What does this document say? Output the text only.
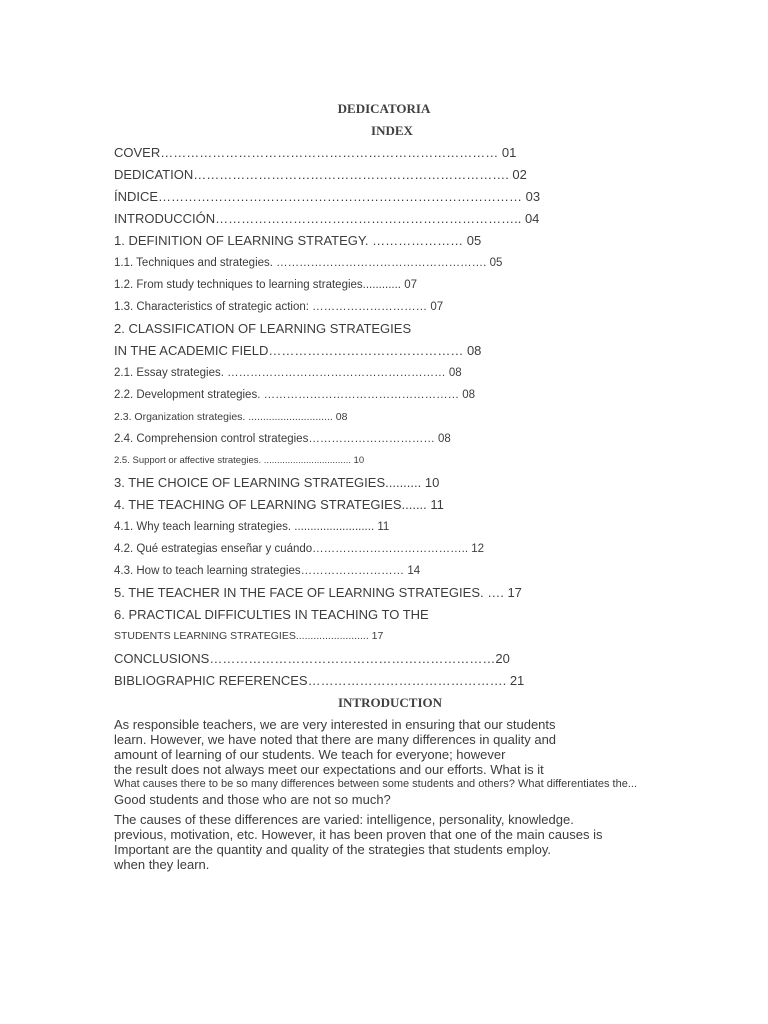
DEDICATORIA
INDEX
COVER…………………………………………………………………… 01
DEDICATION………………………………………………………………. 02
ÍNDICE………………………………………………………………………… 03
INTRODUCCIÓN…………………………………………………………….. 04
1. DEFINITION OF LEARNING STRATEGY. ………………… 05
1.1. Techniques and strategies. ………………………………………………. 05
1.2. From study techniques to learning strategies............ 07
1.3. Characteristics of strategic action: ………………………… 07
2. CLASSIFICATION OF LEARNING STRATEGIES
IN THE ACADEMIC FIELD……………………………………… 08
2.1. Essay strategies. ………………………………………………… 08
2.2. Development strategies. …………………………………………… 08
2.3. Organization strategies. ............................. 08
2.4. Comprehension control strategies…………………………… 08
2.5. Support or affective strategies. ................................. 10
3. THE CHOICE OF LEARNING STRATEGIES.......... 10
4. THE TEACHING OF LEARNING STRATEGIES....... 11
4.1. Why teach learning strategies. ......................... 11
4.2. Qué estrategias enseñar y cuándo………………………………….. 12
4.3. How to teach learning strategies……………………… 14
5. THE TEACHER IN THE FACE OF LEARNING STRATEGIES. …. 17
6. PRACTICAL DIFFICULTIES IN TEACHING TO THE
STUDENTS LEARNING STRATEGIES......................... 17
CONCLUSIONS…………………………………………………………20
BIBLIOGRAPHIC REFERENCES………………………………………. 21
INTRODUCTION
As responsible teachers, we are very interested in ensuring that our students
learn. However, we have noted that there are many differences in quality and
amount of learning of our students. We teach for everyone; however
the result does not always meet our expectations and our efforts. What is it
What causes there to be so many differences between some students and others? What differentiates the...
Good students and those who are not so much?
The causes of these differences are varied: intelligence, personality, knowledge.
previous, motivation, etc. However, it has been proven that one of the main causes is
Important are the quantity and quality of the strategies that students employ.
when they learn.
